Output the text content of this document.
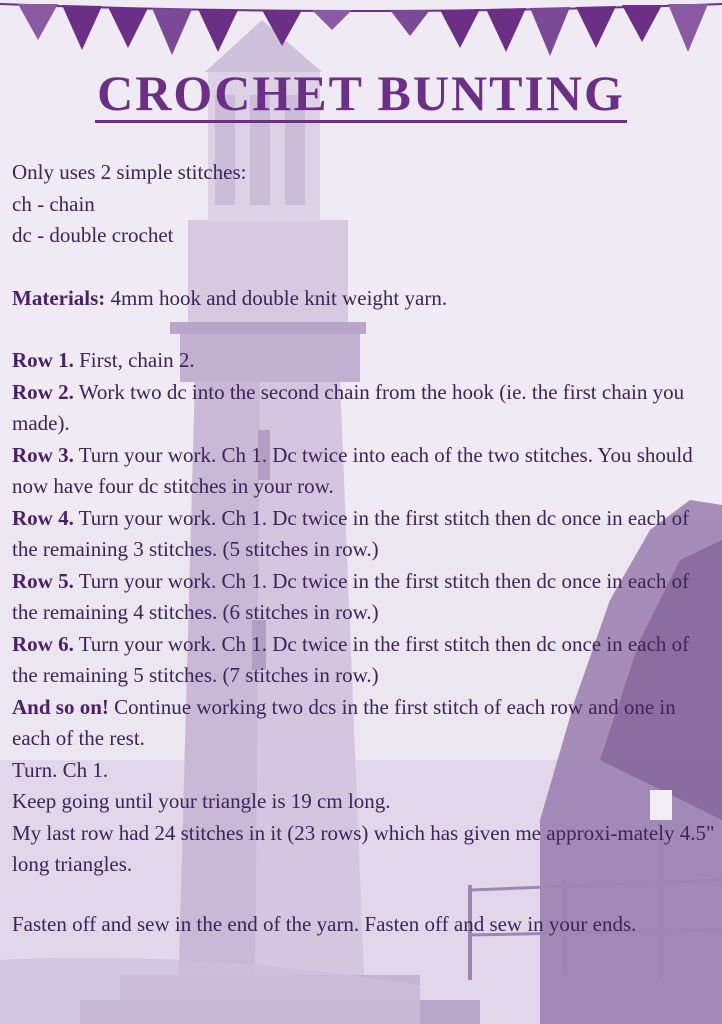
CROCHET BUNTING

Only uses 2 simple stitches:

ch - chain

dc - double crochet

Materials: 4mm hook and double knit weight yarn.

Row 1. First, chain 2.

Row 2. Work two dc into the second chain from the hook (ie. the first chain you made).

Row 3. Turn your work. Ch 1. Dc twice into each of the two stitches. You should now have four dc stitches in your row.

Row 4. Turn your work. Ch 1. Dc twice in the first stitch then dc once in each of the remaining 3 stitches. (5 stitches in row.)

Row 5. Turn your work. Ch 1. Dc twice in the first stitch then dc once in each of the remaining 4 stitches. (6 stitches in row.)

Row 6. Turn your work. Ch 1. Dc twice in the first stitch then dc once in each of the remaining 5 stitches. (7 stitches in row.)

And so on! Continue working two dcs in the first stitch of each row and one in each of the rest.

Turn. Ch 1.

Keep going until your triangle is 19 cm long.

My last row had 24 stitches in it (23 rows) which has given me approxi-mately 4.5" long triangles.

Fasten off and sew in the end of the yarn. Fasten off and sew in your ends.
